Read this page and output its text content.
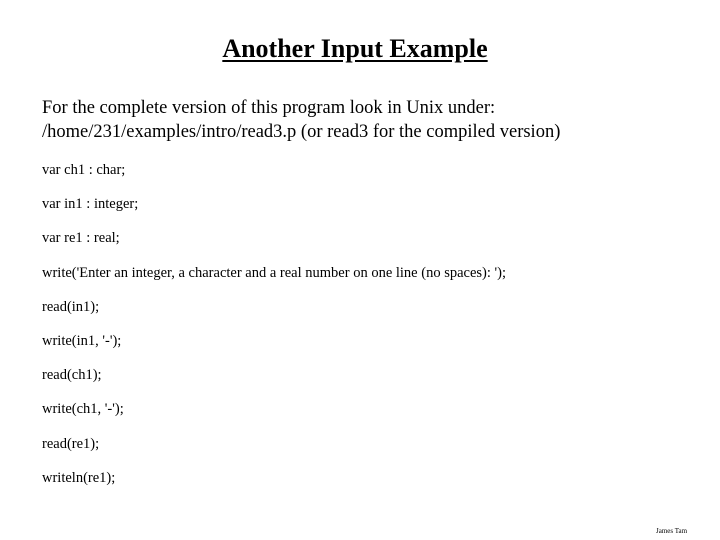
Another Input Example
For the complete version of this program look in Unix under:
/home/231/examples/intro/read3.p (or read3 for the compiled version)
var ch1 : char;
var in1 : integer;
var re1 : real;
write('Enter an integer, a character and a real number on one line (no spaces): ');
read(in1);
write(in1, '-');
read(ch1);
write(ch1, '-');
read(re1);
writeln(re1);
James Tam
